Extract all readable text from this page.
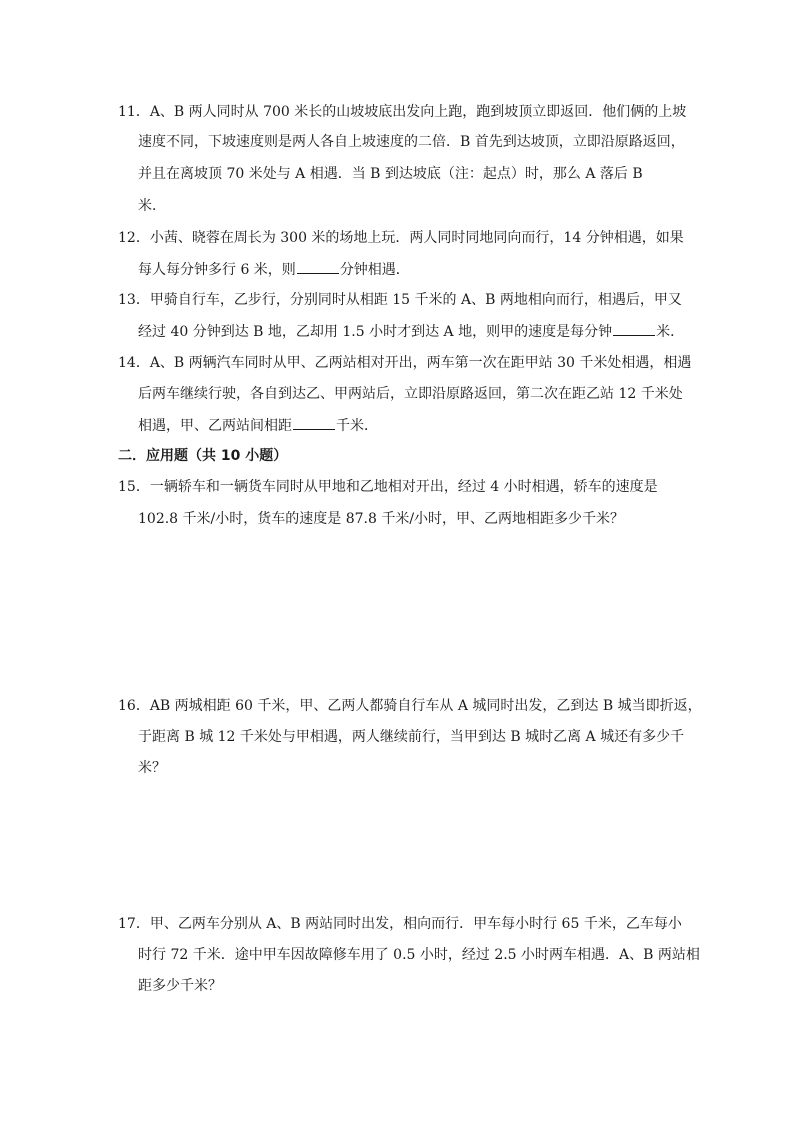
11．A、B 两人同时从 700 米长的山坡坡底出发向上跑，跑到坡顶立即返回．他们俩的上坡
速度不同，下坡速度则是两人各自上坡速度的二倍．B 首先到达坡顶，立即沿原路返回，
并且在离坡顶 70 米处与 A 相遇．当 B 到达坡底（注：起点）时，那么 A 落后 B
米．
12．小茜、晓蓉在周长为 300 米的场地上玩．两人同时同地同向而行，14 分钟相遇，如果
每人每分钟多行 6 米，则	分钟相遇．
13．甲骑自行车，乙步行，分别同时从相距 15 千米的 A、B 两地相向而行，相遇后，甲又
经过 40 分钟到达 B 地，乙却用 1.5 小时才到达 A 地，则甲的速度是每分钟	米．
14．A、B 两辆汽车同时从甲、乙两站相对开出，两车第一次在距甲站 30 千米处相遇，相遇
后两车继续行驶，各自到达乙、甲两站后，立即沿原路返回，第二次在距乙站 12 千米处
相遇，甲、乙两站间相距	千米．
二．应用题（共 10 小题）
15．一辆轿车和一辆货车同时从甲地和乙地相对开出，经过 4 小时相遇，轿车的速度是
102.8 千米/小时，货车的速度是 87.8 千米/小时，甲、乙两地相距多少千米？
16．AB 两城相距 60 千米，甲、乙两人都骑自行车从 A 城同时出发，乙到达 B 城当即折返，
于距离 B 城 12 千米处与甲相遇，两人继续前行，当甲到达 B 城时乙离 A 城还有多少千
米？
17．甲、乙两车分别从 A、B 两站同时出发，相向而行．甲车每小时行 65 千米，乙车每小
时行 72 千米．途中甲车因故障修车用了 0.5 小时，经过 2.5 小时两车相遇．A、B 两站相
距多少千米？
